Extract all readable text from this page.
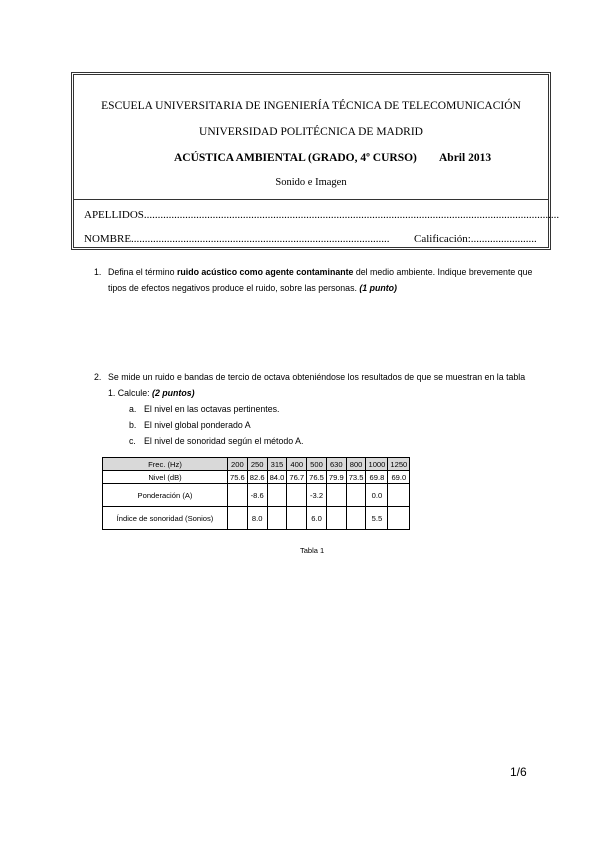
ESCUELA UNIVERSITARIA DE INGENIERÍA TÉCNICA DE TELECOMUNICACIÓN
UNIVERSIDAD POLITÉCNICA DE MADRID
ACÚSTICA AMBIENTAL (GRADO, 4º CURSO) Abril 2013
Sonido e Imagen
APELLIDOS.......................................................................................................................................................
NOMBRE.............................................................................................. Calificación:........................
1. Defina el término ruido acústico como agente contaminante del medio ambiente. Indique brevemente que tipos de efectos negativos produce el ruido, sobre las personas. (1 punto)
2. Se mide un ruido e bandas de tercio de octava obteniéndose los resultados de que se muestran en la tabla 1. Calcule: (2 puntos)
a. El nivel en las octavas pertinentes.
b. El nivel global ponderado A
c. El nivel de sonoridad según el método A.
Frec. (Hz)	200	250	315	400	500	630	800	1000	1250
Nivel (dB)	75.6	82.6	84.0	76.7	76.5	79.9	73.5	69.8	69.0
Ponderación (A)		-8.6			-3.2			0.0	
Índice de sonoridad (Sonios)		8.0			6.0			5.5	
Tabla 1
1/6
